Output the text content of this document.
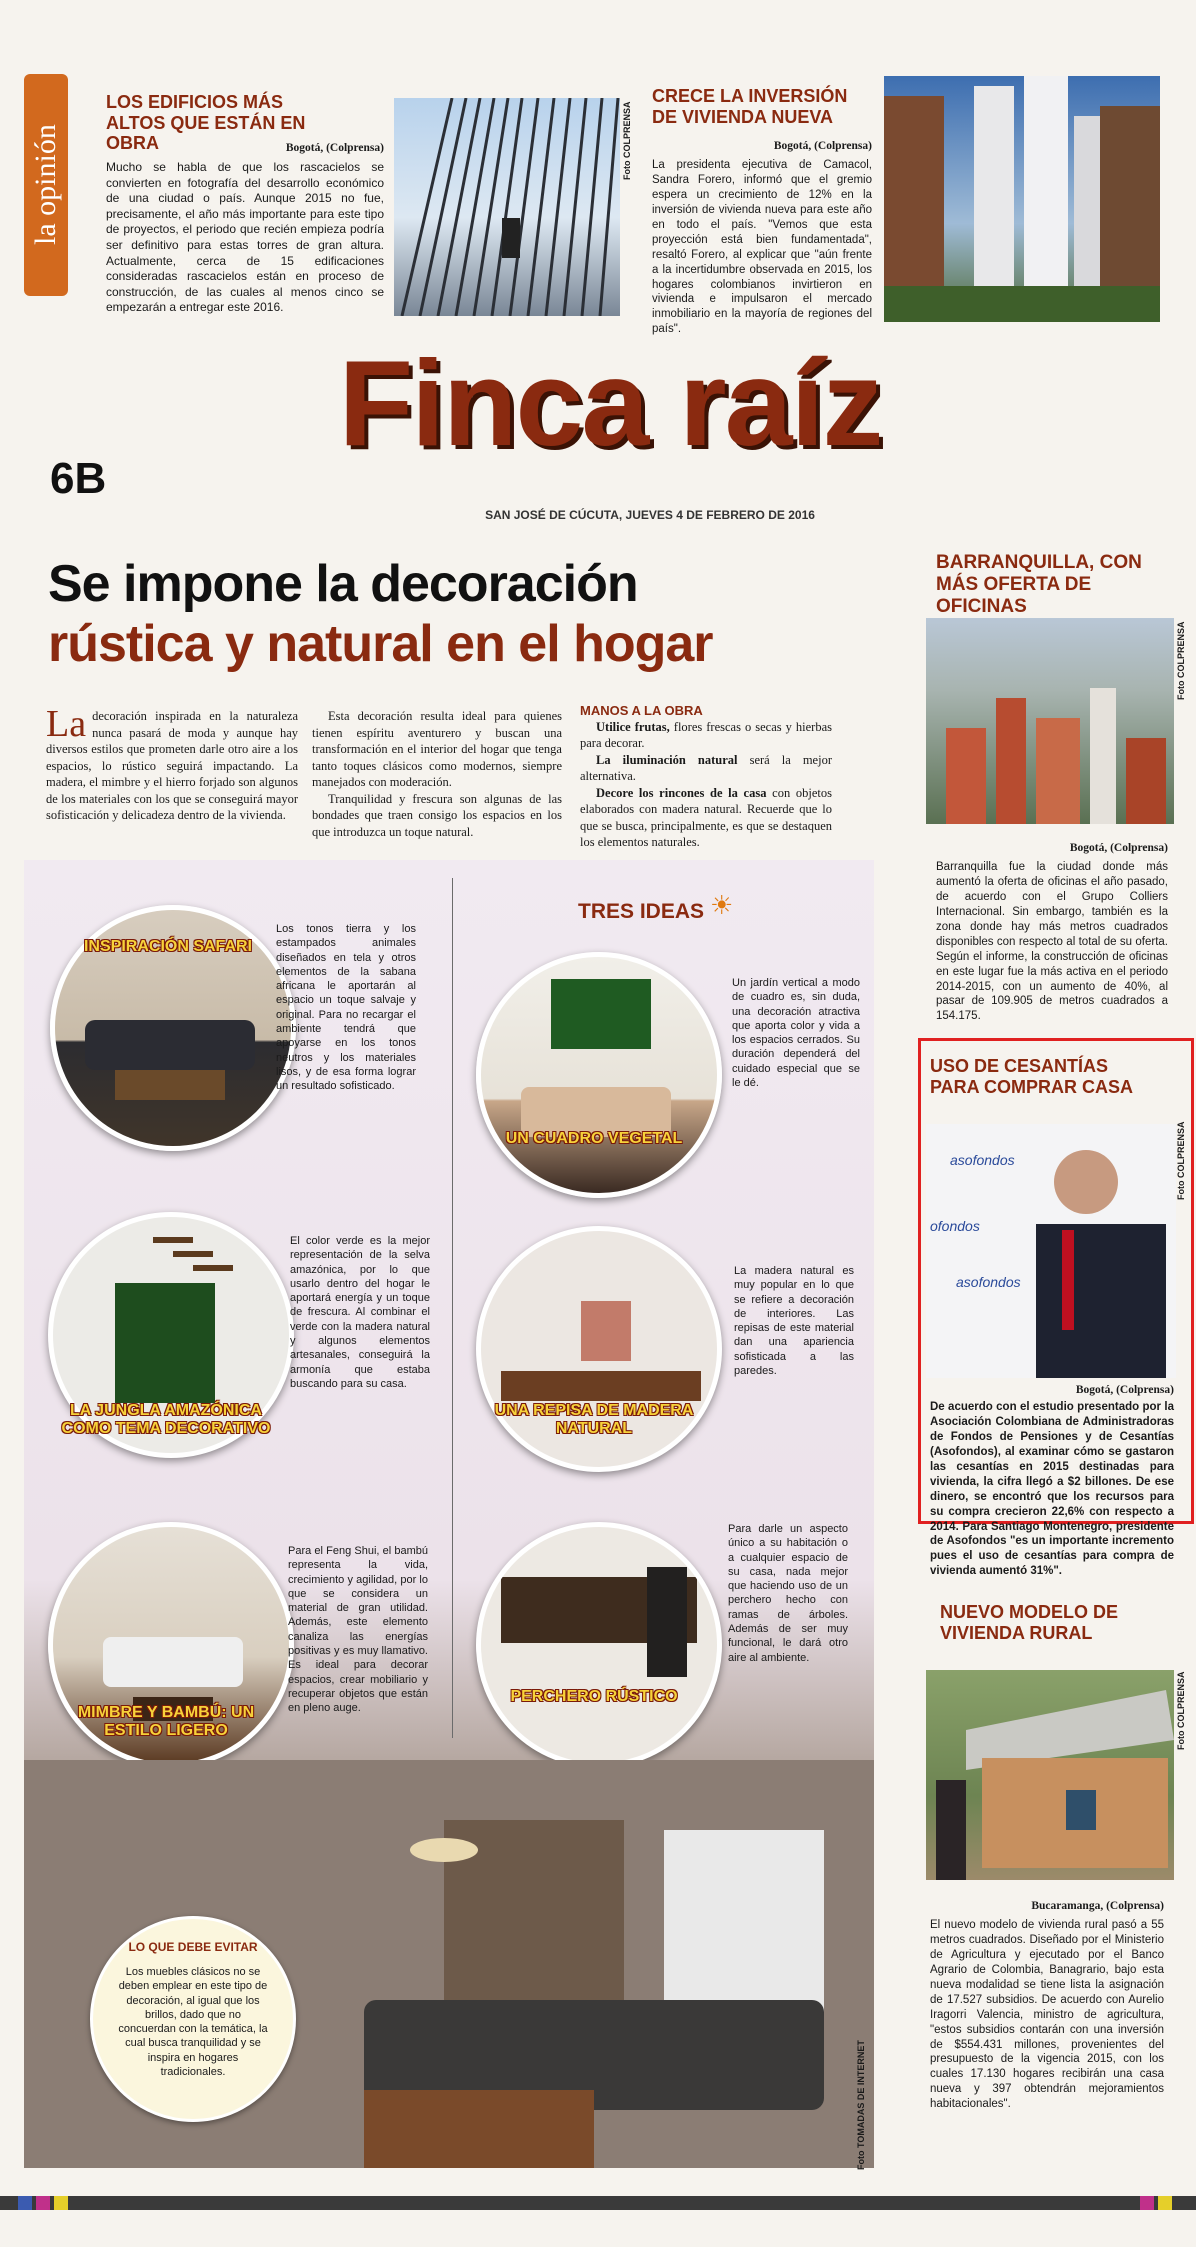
la opinión
LOS EDIFICIOS MÁS ALTOS QUE ESTÁN EN OBRA	Bogotá, (Colprensa)
Mucho se habla de que los rascacielos se convierten en fotografía del desarrollo económico de una ciudad o país. Aunque 2015 no fue, precisamente, el año más importante para este tipo de proyectos, el periodo que recién empieza podría ser definitivo para estas torres de gran altura. Actualmente, cerca de 15 edificaciones consideradas rascacielos están en proceso de construcción, de las cuales al menos cinco se empezarán a entregar este 2016.
Foto COLPRENSA
CRECE LA INVERSIÓN DE VIVIENDA NUEVA
Bogotá, (Colprensa)
La presidenta ejecutiva de Camacol, Sandra Forero, informó que el gremio espera un crecimiento de 12% en la inversión de vivienda nueva para este año en todo el país. "Vemos que esta proyección está bien fundamentada", resaltó Forero, al explicar que "aún frente a la incertidumbre observada en 2015, los hogares colombianos invirtieron en vivienda e impulsaron el mercado inmobiliario en la mayoría de regiones del país".
Finca raíz
6B
SAN JOSÉ DE CÚCUTA, JUEVES 4 DE FEBRERO DE 2016
Se impone la decoración
rústica y natural en el hogar
La decoración inspirada en la naturaleza nunca pasará de moda y aunque hay diversos estilos que prometen darle otro aire a los espacios, lo rústico seguirá impactando. La madera, el mimbre y el hierro forjado son algunos de los materiales con los que se conseguirá mayor sofisticación y delicadeza dentro de la vivienda.
Esta decoración resulta ideal para quienes tienen espíritu aventurero y buscan una transformación en el interior del hogar que tenga tanto toques clásicos como modernos, siempre manejados con moderación.
Tranquilidad y frescura son algunas de las bondades que traen consigo los espacios en los que introduzca un toque natural.
MANOS A LA OBRA
Utilice frutas, flores frescas o secas y hierbas para decorar.
La iluminación natural será la mejor alternativa.
Decore los rincones de la casa con objetos elaborados con madera natural. Recuerde que lo que se busca, principalmente, es que se destaquen los elementos naturales.
TRES IDEAS ☀
INSPIRACIÓN SAFARI
Los tonos tierra y los estampados animales diseñados en tela y otros elementos de la sabana africana le aportarán al espacio un toque salvaje y original. Para no recargar el ambiente tendrá que apoyarse en los tonos neutros y los materiales lisos, y de esa forma lograr un resultado sofisticado.
UN CUADRO VEGETAL
Un jardín vertical a modo de cuadro es, sin duda, una decoración atractiva que aporta color y vida a los espacios cerrados. Su duración dependerá del cuidado especial que se le dé.
LA JUNGLA AMAZÓNICA COMO TEMA DECORATIVO
El color verde es la mejor representación de la selva amazónica, por lo que usarlo dentro del hogar le aportará energía y un toque de frescura. Al combinar el verde con la madera natural y algunos elementos artesanales, conseguirá la armonía que estaba buscando para su casa.
UNA REPISA DE MADERA NATURAL
La madera natural es muy popular en lo que se refiere a decoración de interiores. Las repisas de este material dan una apariencia sofisticada a las paredes.
MIMBRE Y BAMBÚ: UN ESTILO LIGERO
Para el Feng Shui, el bambú representa la vida, crecimiento y agilidad, por lo que se considera un material de gran utilidad. Además, este elemento canaliza las energías positivas y es muy llamativo. Es ideal para decorar espacios, crear mobiliario y recuperar objetos que están en pleno auge.
PERCHERO RÚSTICO
Para darle un aspecto único a su habitación o a cualquier espacio de su casa, nada mejor que haciendo uso de un perchero hecho con ramas de árboles. Además de ser muy funcional, le dará otro aire al ambiente.
Foto TOMADAS DE INTERNET
LO QUE DEBE EVITAR
Los muebles clásicos no se deben emplear en este tipo de decoración, al igual que los brillos, dado que no concuerdan con la temática, la cual busca tranquilidad y se inspira en hogares tradicionales.
BARRANQUILLA, CON MÁS OFERTA DE OFICINAS
Foto COLPRENSA
Bogotá, (Colprensa)
Barranquilla fue la ciudad donde más aumentó la oferta de oficinas el año pasado, de acuerdo con el Grupo Colliers Internacional. Sin embargo, también es la zona donde hay más metros cuadrados disponibles con respecto al total de su oferta. Según el informe, la construcción de oficinas en este lugar fue la más activa en el periodo 2014-2015, con un aumento de 40%, al pasar de 109.905 de metros cuadrados a 154.175.
USO DE CESANTÍAS PARA COMPRAR CASA
asofondos
ofondos
asofondos
Foto COLPRENSA
Bogotá, (Colprensa)
De acuerdo con el estudio presentado por la Asociación Colombiana de Administradoras de Fondos de Pensiones y de Cesantías (Asofondos), al examinar cómo se gastaron las cesantías en 2015 destinadas para vivienda, la cifra llegó a $2 billones. De ese dinero, se encontró que los recursos para su compra crecieron 22,6% con respecto a 2014. Para Santiago Montenegro, presidente de Asofondos "es un importante incremento pues el uso de cesantías para compra de vivienda aumentó 31%".
NUEVO MODELO DE VIVIENDA RURAL
Foto COLPRENSA
Bucaramanga, (Colprensa)
El nuevo modelo de vivienda rural pasó a 55 metros cuadrados. Diseñado por el Ministerio de Agricultura y ejecutado por el Banco Agrario de Colombia, Banagrario, bajo esta nueva modalidad se tiene lista la asignación de 17.527 subsidios. De acuerdo con Aurelio Iragorri Valencia, ministro de agricultura, "estos subsidios contarán con una inversión de $554.431 millones, provenientes del presupuesto de la vigencia 2015, con los cuales 17.130 hogares recibirán una casa nueva y 397 obtendrán mejoramientos habitacionales".
